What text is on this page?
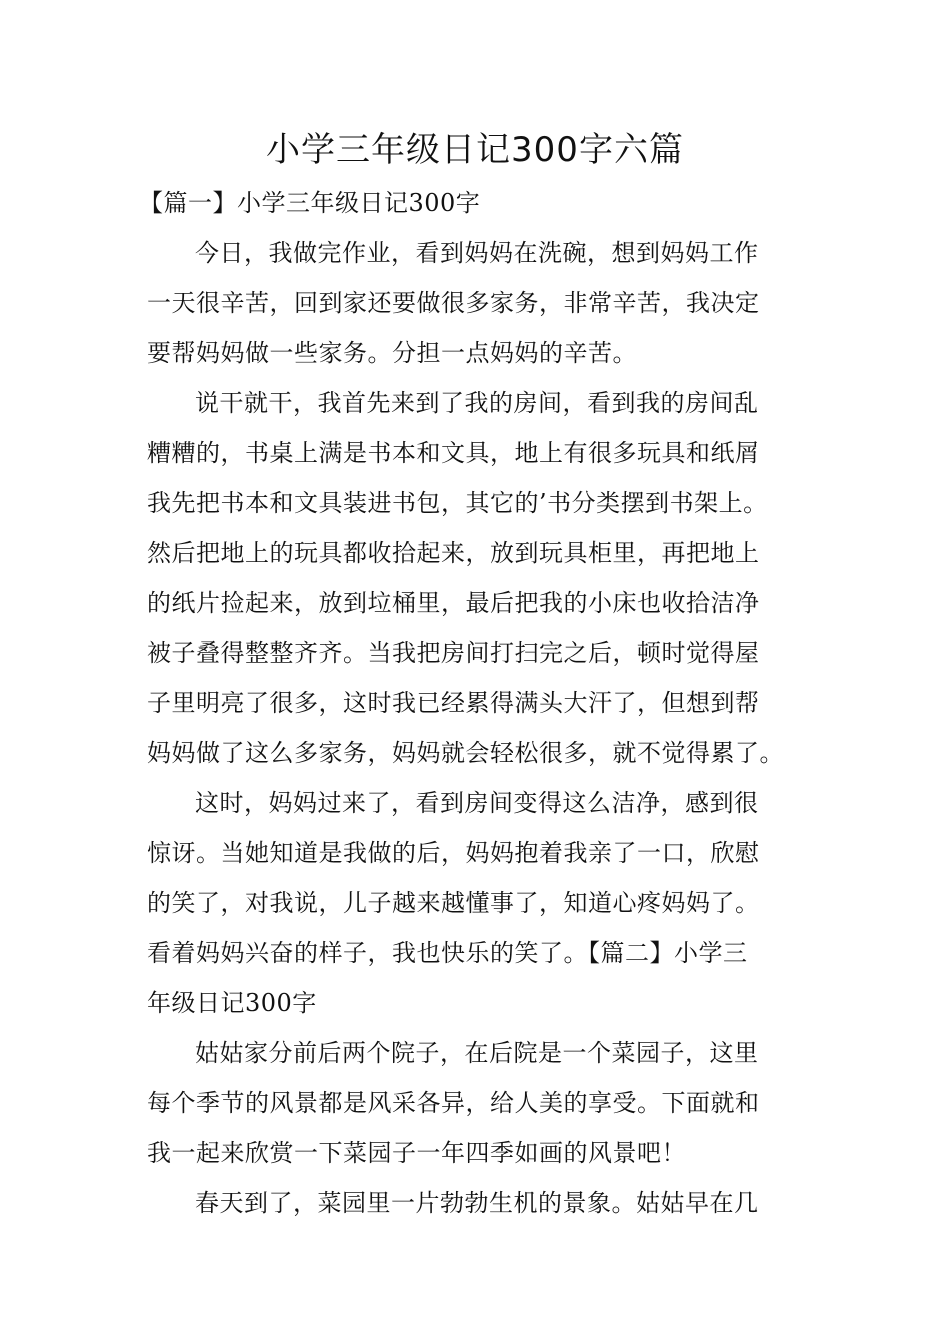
小学三年级日记300字六篇
【篇一】小学三年级日记300字
今日，我做完作业，看到妈妈在洗碗，想到妈妈工作
一天很辛苦，回到家还要做很多家务，非常辛苦，我决定
要帮妈妈做一些家务。分担一点妈妈的辛苦。
说干就干，我首先来到了我的房间，看到我的房间乱
糟糟的，书桌上满是书本和文具，地上有很多玩具和纸屑
我先把书本和文具装进书包，其它的’书分类摆到书架上。
然后把地上的玩具都收拾起来，放到玩具柜里，再把地上
的纸片捡起来，放到垃桶里，最后把我的小床也收拾洁净
被子叠得整整齐齐。当我把房间打扫完之后，顿时觉得屋
子里明亮了很多，这时我已经累得满头大汗了，但想到帮
妈妈做了这么多家务，妈妈就会轻松很多，就不觉得累了。
这时，妈妈过来了，看到房间变得这么洁净，感到很
惊讶。当她知道是我做的后，妈妈抱着我亲了一口，欣慰
的笑了，对我说，儿子越来越懂事了，知道心疼妈妈了。
看着妈妈兴奋的样子，我也快乐的笑了。【篇二】小学三
年级日记300字
姑姑家分前后两个院子，在后院是一个菜园子，这里
每个季节的风景都是风采各异，给人美的享受。下面就和
我一起来欣赏一下菜园子一年四季如画的风景吧！
春天到了，菜园里一片勃勃生机的景象。姑姑早在几
